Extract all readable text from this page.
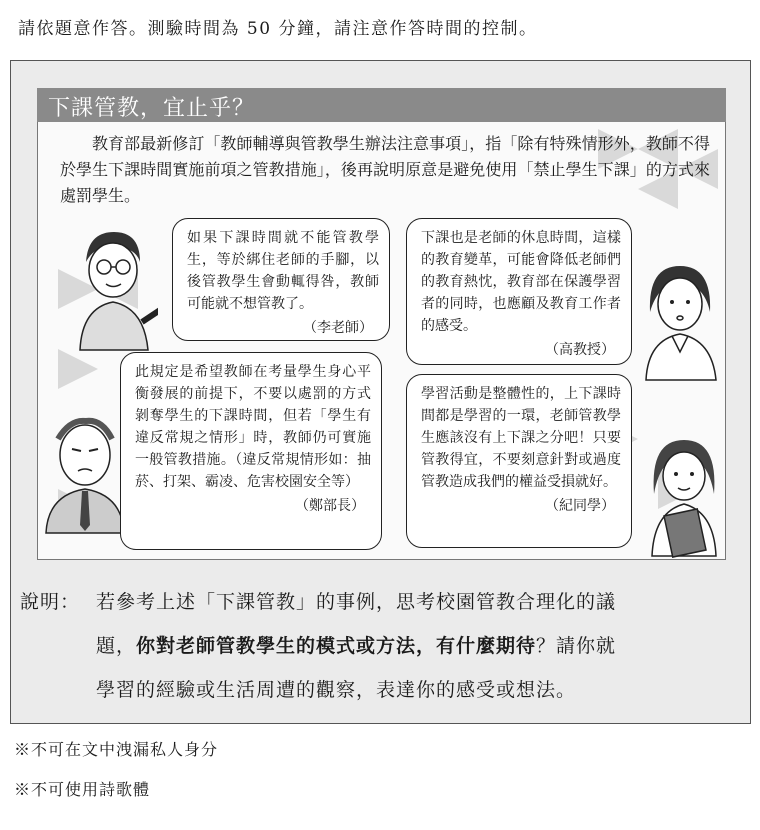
請依題意作答。測驗時間為 50 分鐘，請注意作答時間的控制。
下課管教，宜止乎？
教育部最新修訂「教師輔導與管教學生辦法注意事項」，指「除有特殊情形外，教師不得於學生下課時間實施前項之管教措施」，後再說明原意是避免使用「禁止學生下課」的方式來處罰學生。

如果下課時間就不能管教學生，等於綁住老師的手腳，以後管教學生會動輒得咎，教師可能就不想管教了。

（李老師）

下課也是老師的休息時間，這樣的教育變革，可能會降低老師們的教育熱忱，教育部在保護學習者的同時，也應顧及教育工作者的感受。

（高教授）

此規定是希望教師在考量學生身心平衡發展的前提下，不要以處罰的方式剝奪學生的下課時間，但若「學生有違反常規之情形」時，教師仍可實施一般管教措施。（違反常規情形如：抽菸、打架、霸凌、危害校園安全等）

（鄭部長）

學習活動是整體性的，上下課時間都是學習的一環，老師管教學生應該沒有上下課之分吧！只要管教得宜，不要刻意針對或過度管教造成我們的權益受損就好。

（紀同學）

說明： 若參考上述「下課管教」的事例，思考校園管教合理化的議
題，你對老師管教學生的模式或方法，有什麼期待？請你就
學習的經驗或生活周遭的觀察，表達你的感受或想法。
※不可在文中洩漏私人身分
※不可使用詩歌體
